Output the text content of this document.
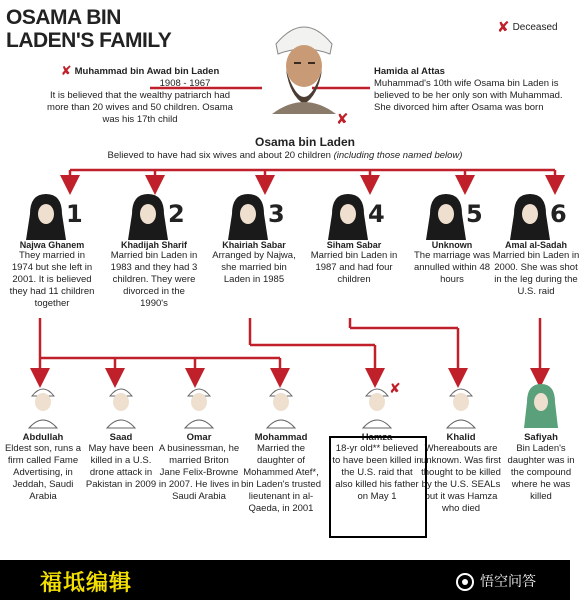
OSAMA BIN
LADEN'S FAMILY
✘ Deceased
✘ Muhammad bin Awad bin Laden
1908 - 1967
It is believed that the wealthy patriarch had more than 20 wives and 50 children. Osama was his 17th child	✘
Osama bin Laden
Hamida al Attas
Muhammad's 10th wife Osama bin Laden is believed to be her only son with Muhammad. She divorced him after Osama was born
Believed to have had six wives and about 20 children (including those named below)
1
Najwa Ghanem
They married in 1974 but she left in 2001. It is believed they had 11 children together
2
Khadijah Sharif
Married bin Laden in 1983 and they had 3 children. They were divorced in the 1990's
3
Khairiah Sabar
Arranged by Najwa, she married bin Laden in 1985
4
Siham Sabar
Married bin Laden in 1987 and had four children
5
Unknown
The marriage was annulled within 48 hours
6
Amal al-Sadah
Married bin Laden in 2000. She was shot in the leg during the U.S. raid
Abdullah
Eldest son, runs a firm called Fame Advertising, in Jeddah, Saudi Arabia
Saad
May have been killed in a U.S. drone attack in Pakistan in 2009
Omar
A businessman, he married Briton Jane Felix-Browne in 2007. He lives in Saudi Arabia
Mohammad
Married the daughter of Mohammed Atef*, bin Laden's trusted lieutenant in al-Qaeda, in 2001
Hamza
18-yr old** believed to have been killed in the U.S. raid that also killed his father on May 1
Khalid
Whereabouts are unknown. Was first thought to be killed by the U.S. SEALs but it was Hamza who died
Safiyah
Bin Laden's daughter was in the compound where he was killed
✘
福坻编辑	悟空问答
